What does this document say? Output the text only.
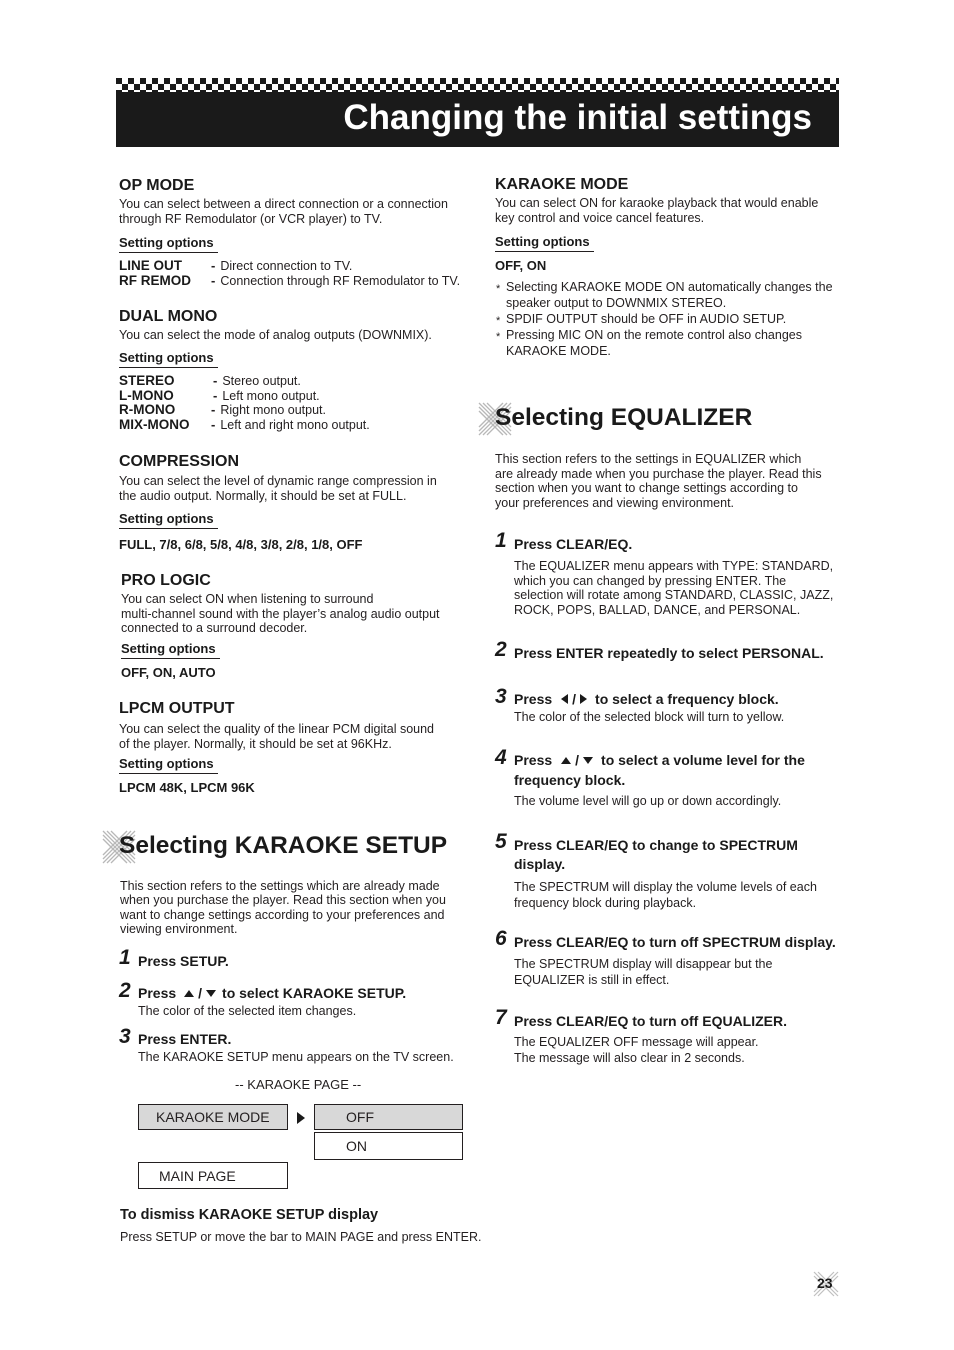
Changing the initial settings
OP MODE
You can select between a direct connection or a connection
through RF Remodulator (or VCR player) to TV.
Setting options
LINE OUT	- Direct connection to TV.
RF REMOD	- Connection through RF Remodulator to TV.
DUAL MONO
You can select the mode of analog outputs (DOWNMIX).
Setting options
STEREO	- Stereo output.
L-MONO	- Left mono output.
R-MONO	- Right mono output.
MIX-MONO	- Left and right mono output.
COMPRESSION
You can select the level of dynamic range compression in
the audio output. Normally, it should be set at FULL.
Setting options
FULL, 7/8, 6/8, 5/8, 4/8, 3/8, 2/8, 1/8, OFF
PRO LOGIC
You can select ON when listening to surround
multi-channel sound with the player’s analog audio output
connected to a surround decoder.
Setting options
OFF, ON, AUTO
LPCM OUTPUT
You can select the quality of the linear PCM digital sound
of the player. Normally, it should be set at 96KHz.
Setting options
LPCM 48K, LPCM 96K
Selecting KARAOKE SETUP
This section refers to the settings which are already made
when you purchase the player. Read this section when you
want to change settings according to your preferences and
viewing environment.
1 Press SETUP.
2 Press / to select KARAOKE SETUP.
The color of the selected item changes.
3 Press ENTER.
The KARAOKE SETUP menu appears on the TV screen.
-- KARAOKE PAGE --
KARAOKE MODE	OFF
ON
MAIN PAGE
To dismiss KARAOKE SETUP display
Press SETUP or move the bar to MAIN PAGE and press ENTER.
KARAOKE MODE
You can select ON for karaoke playback that would enable
key control and voice cancel features.
Setting options
OFF, ON
* Selecting KARAOKE MODE ON automatically changes the
speaker output to DOWNMIX STEREO.
* SPDIF OUTPUT should be OFF in AUDIO SETUP.
* Pressing MIC ON on the remote control also changes
KARAOKE MODE.
Selecting EQUALIZER
This section refers to the settings in EQUALIZER which
are already made when you purchase the player. Read this
section when you want to change settings according to
your preferences and viewing environment.
1 Press CLEAR/EQ.
The EQUALIZER menu appears with TYPE: STANDARD,
which you can changed by pressing ENTER. The
selection will rotate among STANDARD, CLASSIC, JAZZ,
ROCK, POPS, BALLAD, DANCE, and PERSONAL.
2 Press ENTER repeatedly to select PERSONAL.
3 Press / to select a frequency block.
The color of the selected block will turn to yellow.
4 Press / to select a volume level for the
frequency block.
The volume level will go up or down accordingly.
5 Press CLEAR/EQ to change to SPECTRUM
display.
The SPECTRUM will display the volume levels of each
frequency block during playback.
6 Press CLEAR/EQ to turn off SPECTRUM display.
The SPECTRUM display will disappear but the
EQUALIZER is still in effect.
7 Press CLEAR/EQ to turn off EQUALIZER.
The EQUALIZER OFF message will appear.
The message will also clear in 2 seconds.
23
